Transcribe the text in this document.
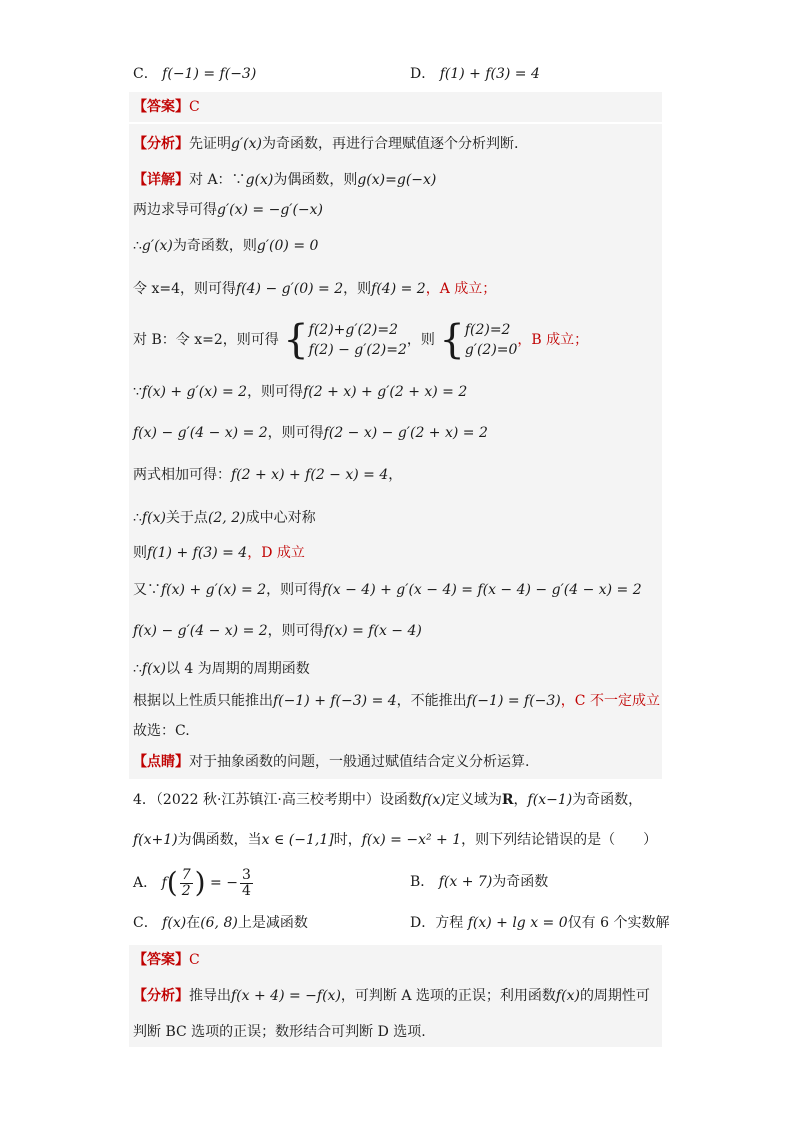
C． f(−1) = f(−3)	D． f(1) + f(3) = 4
【答案】C
【分析】先证明g′(x)为奇函数，再进行合理赋值逐个分析判断.
【详解】对 A：∵g(x)为偶函数，则g(x)=g(−x)
两边求导可得g′(x) = −g′(−x)
∴g′(x)为奇函数，则g′(0) = 0
令 x=4，则可得f(4) − g′(0) = 2，则f(4) = 2，A 成立；
对 B：令 x=2，则可得 { f(2)+g′(2)=2
f(2) − g′(2)=2
，则 { f(2)=2
g′(2)=0
，B 成立；
∵f(x) + g′(x) = 2，则可得f(2 + x) + g′(2 + x) = 2
f(x) − g′(4 − x) = 2，则可得f(2 − x) − g′(2 + x) = 2
两式相加可得：f(2 + x) + f(2 − x) = 4，
∴f(x)关于点(2, 2)成中心对称
则f(1) + f(3) = 4，D 成立
又∵f(x) + g′(x) = 2，则可得f(x − 4) + g′(x − 4) = f(x − 4) − g′(4 − x) = 2
f(x) − g′(4 − x) = 2，则可得f(x) = f(x − 4)
∴f(x)以 4 为周期的周期函数
根据以上性质只能推出f(−1) + f(−3) = 4，不能推出f(−1) = f(−3)，C 不一定成立
故选：C.
【点睛】对于抽象函数的问题，一般通过赋值结合定义分析运算.
4．（2022 秋·江苏镇江·高三校考期中）设函数f(x)定义域为R，f(x−1)为奇函数，
f(x+1)为偶函数，当x ∈ (−1,1]时，f(x) = −x² + 1，则下列结论错误的是（　　）
A． $f( \frac{7}{2}$ ) = − $\frac{3}{4}$	B． f(x + 7)为奇函数
C． f(x)在(6, 8)上是减函数	D．方程 f(x) + lg x = 0仅有 6 个实数解
【答案】C
【分析】推导出f(x + 4) = −f(x)，可判断 A 选项的正误；利用函数f(x)的周期性可
判断 BC 选项的正误；数形结合可判断 D 选项.
